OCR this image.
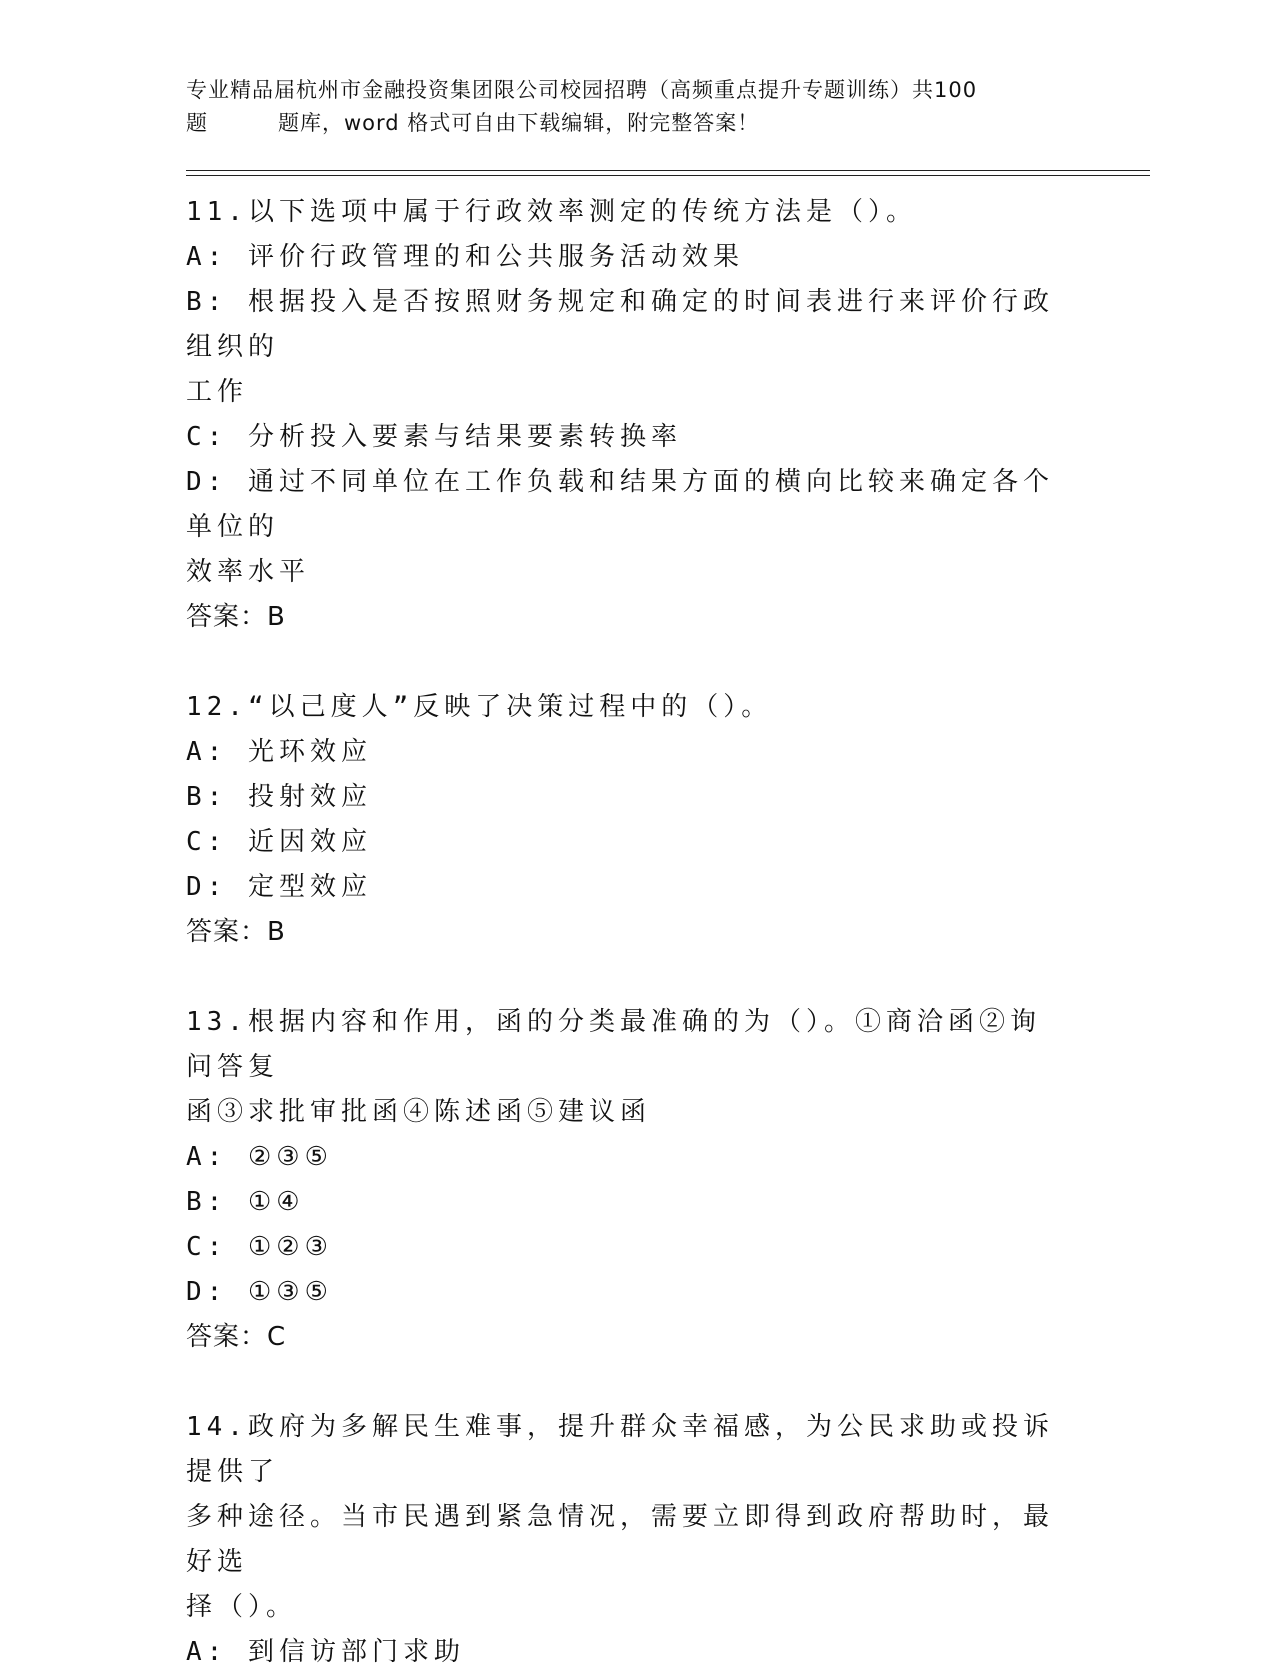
专业精品届杭州市金融投资集团限公司校园招聘（高频重点提升专题训练）共100
题	题库，word 格式可自由下载编辑，附完整答案！
11.以下选项中属于行政效率测定的传统方法是（）。
A: 评价行政管理的和公共服务活动效果
B: 根据投入是否按照财务规定和确定的时间表进行来评价行政组织的
工作
C: 分析投入要素与结果要素转换率
D: 通过不同单位在工作负载和结果方面的横向比较来确定各个单位的
效率水平
答案：B
12.“以己度人”反映了决策过程中的（）。
A: 光环效应
B: 投射效应
C: 近因效应
D: 定型效应
答案：B
13.根据内容和作用，函的分类最准确的为（）。①商洽函②询问答复
函③求批审批函④陈述函⑤建议函
A: ②③⑤
B: ①④
C: ①②③
D: ①③⑤
答案：C
14.政府为多解民生难事，提升群众幸福感，为公民求助或投诉提供了
多种途径。当市民遇到紧急情况，需要立即得到政府帮助时，最好选
择（）。
A: 到信访部门求助
